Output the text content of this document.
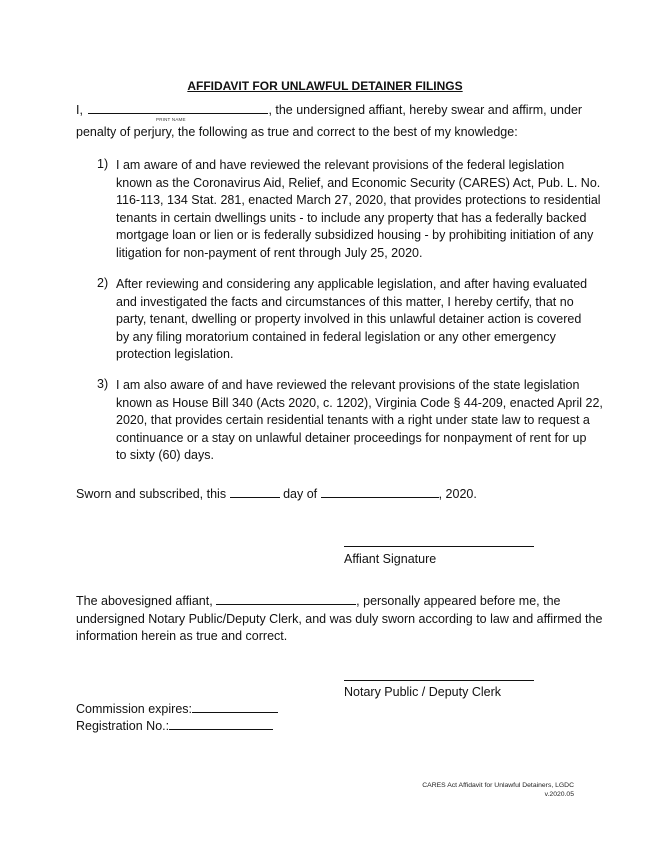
AFFIDAVIT FOR UNLAWFUL DETAINER FILINGS
I,	, the undersigned affiant, hereby swear and affirm, under
PRINT NAME
penalty of perjury, the following as true and correct to the best of my knowledge:
1) I am aware of and have reviewed the relevant provisions of the federal legislation
known as the Coronavirus Aid, Relief, and Economic Security (CARES) Act, Pub. L. No.
116-113, 134 Stat. 281, enacted March 27, 2020, that provides protections to residential
tenants in certain dwellings units - to include any property that has a federally backed
mortgage loan or lien or is federally subsidized housing - by prohibiting initiation of any
litigation for non-payment of rent through July 25, 2020.
2) After reviewing and considering any applicable legislation, and after having evaluated
and investigated the facts and circumstances of this matter, I hereby certify, that no
party, tenant, dwelling or property involved in this unlawful detainer action is covered
by any filing moratorium contained in federal legislation or any other emergency
protection legislation.
3) I am also aware of and have reviewed the relevant provisions of the state legislation
known as House Bill 340 (Acts 2020, c. 1202), Virginia Code § 44-209, enacted April 22,
2020, that provides certain residential tenants with a right under state law to request a
continuance or a stay on unlawful detainer proceedings for nonpayment of rent for up
to sixty (60) days.
Sworn and subscribed, this	day of	, 2020.
Affiant Signature
The abovesigned affiant,	, personally appeared before me, the
undersigned Notary Public/Deputy Clerk, and was duly sworn according to law and affirmed the
information herein as true and correct.
Notary Public / Deputy Clerk
Commission expires:
Registration No.:
CARES Act Affidavit for Unlawful Detainers, LGDC
v.2020.05
